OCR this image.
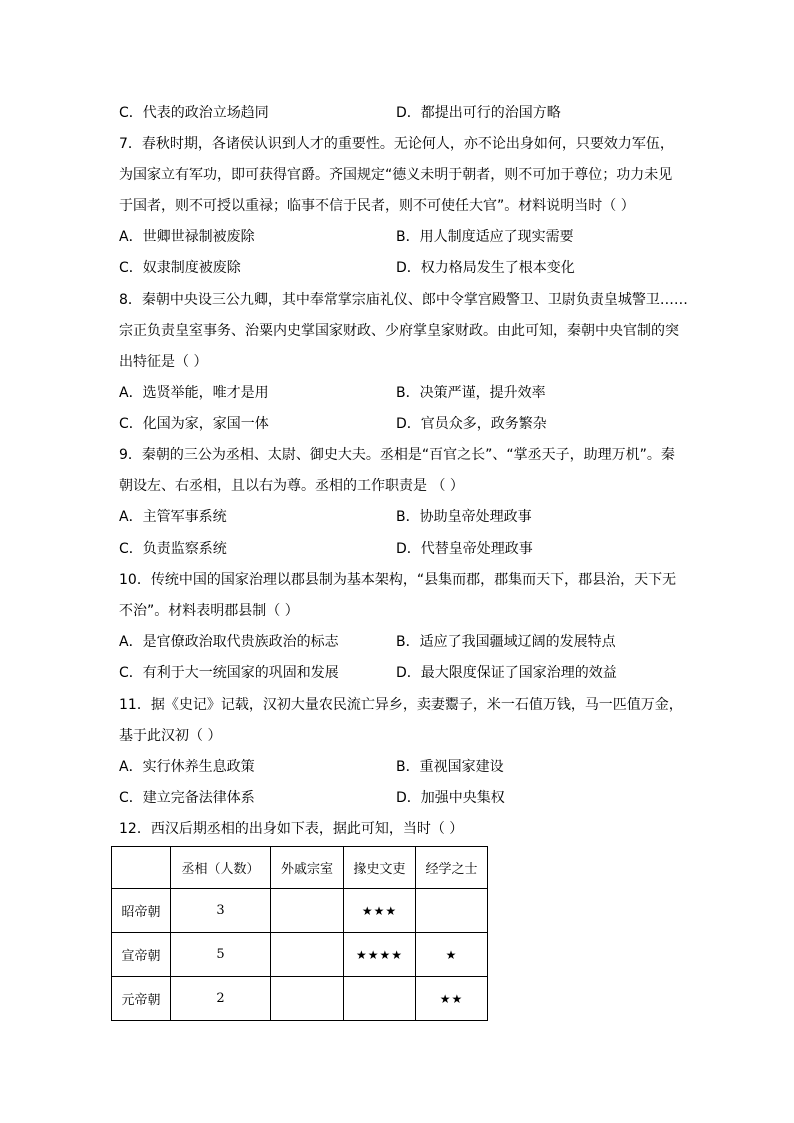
C．代表的政治立场趋同	D．都提出可行的治国方略
7．春秋时期，各诸侯认识到人才的重要性。无论何人，亦不论出身如何，只要效力军伍，
为国家立有军功，即可获得官爵。齐国规定“德义未明于朝者，则不可加于尊位；功力未见
于国者，则不可授以重禄；临事不信于民者，则不可使任大官”。材料说明当时（ ）
A．世卿世禄制被废除	B．用人制度适应了现实需要
C．奴隶制度被废除	D．权力格局发生了根本变化
8．秦朝中央设三公九卿，其中奉常掌宗庙礼仪、郎中令掌宫殿警卫、卫尉负责皇城警卫……
宗正负责皇室事务、治粟内史掌国家财政、少府掌皇家财政。由此可知，秦朝中央官制的突
出特征是（ ）
A．选贤举能，唯才是用	B．决策严谨，提升效率
C．化国为家，家国一体	D．官员众多，政务繁杂
9．秦朝的三公为丞相、太尉、御史大夫。丞相是“百官之长”、“掌丞天子，助理万机”。秦
朝设左、右丞相，且以右为尊。丞相的工作职责是 （ ）
A．主管军事系统	B．协助皇帝处理政事
C．负责监察系统	D．代替皇帝处理政事
10．传统中国的国家治理以郡县制为基本架构，“县集而郡，郡集而天下，郡县治，天下无
不治”。材料表明郡县制（ ）
A．是官僚政治取代贵族政治的标志	B．适应了我国疆域辽阔的发展特点
C．有利于大一统国家的巩固和发展	D．最大限度保证了国家治理的效益
11．据《史记》记载，汉初大量农民流亡异乡，卖妻鬻子，米一石值万钱，马一匹值万金，
基于此汉初（ ）
A．实行休养生息政策	B．重视国家建设
C．建立完备法律体系	D．加强中央集权
12．西汉后期丞相的出身如下表，据此可知，当时（ ）
	丞相（人数）	外戚宗室	掾史文吏	经学之士
昭帝朝	3		★★★	
宣帝朝	5		★★★★	★
元帝朝	2			★★
